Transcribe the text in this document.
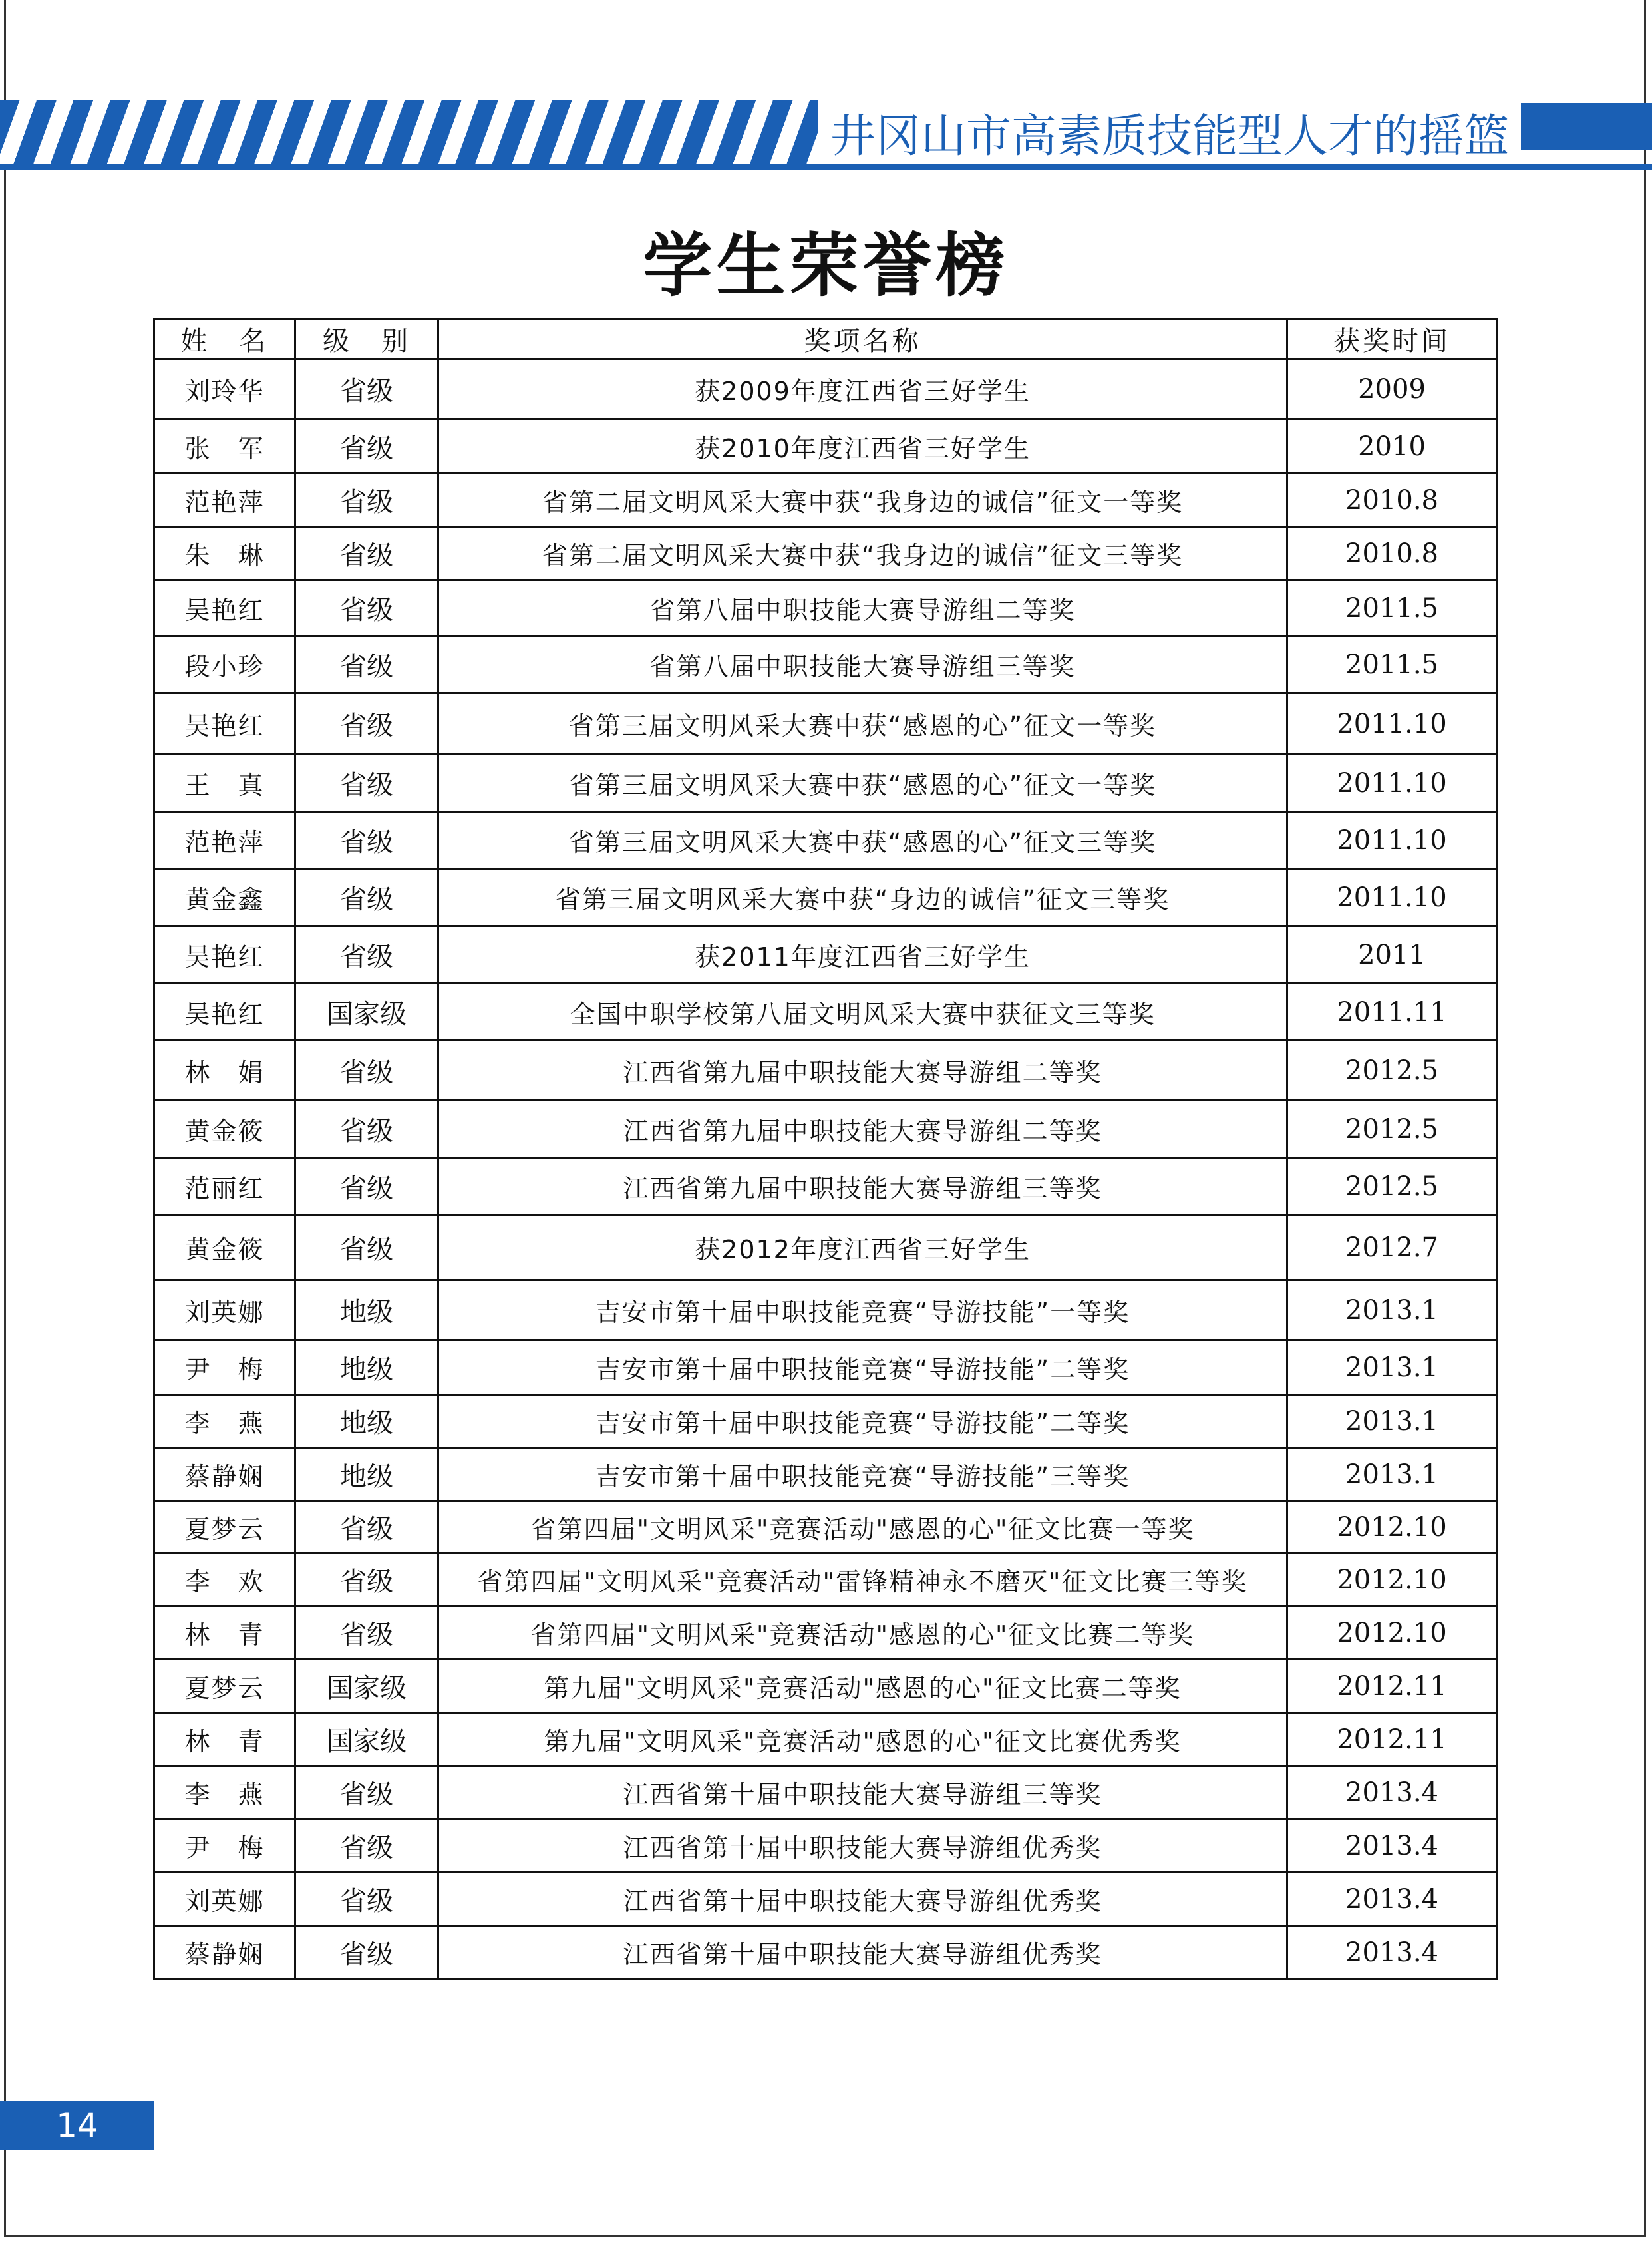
井冈山市高素质技能型人才的摇篮
学生荣誉榜
姓　名	级　别	奖项名称	获奖时间
刘玲华	省级	获2009年度江西省三好学生	2009
张　军	省级	获2010年度江西省三好学生	2010
范艳萍	省级	省第二届文明风采大赛中获“我身边的诚信”征文一等奖	2010.8
朱　琳	省级	省第二届文明风采大赛中获“我身边的诚信”征文三等奖	2010.8
吴艳红	省级	省第八届中职技能大赛导游组二等奖	2011.5
段小珍	省级	省第八届中职技能大赛导游组三等奖	2011.5
吴艳红	省级	省第三届文明风采大赛中获“感恩的心”征文一等奖	2011.10
王　真	省级	省第三届文明风采大赛中获“感恩的心”征文一等奖	2011.10
范艳萍	省级	省第三届文明风采大赛中获“感恩的心”征文三等奖	2011.10
黄金鑫	省级	省第三届文明风采大赛中获“身边的诚信”征文三等奖	2011.10
吴艳红	省级	获2011年度江西省三好学生	2011
吴艳红	国家级	全国中职学校第八届文明风采大赛中获征文三等奖	2011.11
林　娟	省级	江西省第九届中职技能大赛导游组二等奖	2012.5
黄金筱	省级	江西省第九届中职技能大赛导游组二等奖	2012.5
范丽红	省级	江西省第九届中职技能大赛导游组三等奖	2012.5
黄金筱	省级	获2012年度江西省三好学生	2012.7
刘英娜	地级	吉安市第十届中职技能竞赛“导游技能”一等奖	2013.1
尹　梅	地级	吉安市第十届中职技能竞赛“导游技能”二等奖	2013.1
李　燕	地级	吉安市第十届中职技能竞赛“导游技能”二等奖	2013.1
蔡静娴	地级	吉安市第十届中职技能竞赛“导游技能”三等奖	2013.1
夏梦云	省级	省第四届"文明风采"竞赛活动"感恩的心"征文比赛一等奖	2012.10
李　欢	省级	省第四届"文明风采"竞赛活动"雷锋精神永不磨灭"征文比赛三等奖	2012.10
林　青	省级	省第四届"文明风采"竞赛活动"感恩的心"征文比赛二等奖	2012.10
夏梦云	国家级	第九届"文明风采"竞赛活动"感恩的心"征文比赛二等奖	2012.11
林　青	国家级	第九届"文明风采"竞赛活动"感恩的心"征文比赛优秀奖	2012.11
李　燕	省级	江西省第十届中职技能大赛导游组三等奖	2013.4
尹　梅	省级	江西省第十届中职技能大赛导游组优秀奖	2013.4
刘英娜	省级	江西省第十届中职技能大赛导游组优秀奖	2013.4
蔡静娴	省级	江西省第十届中职技能大赛导游组优秀奖	2013.4
14
